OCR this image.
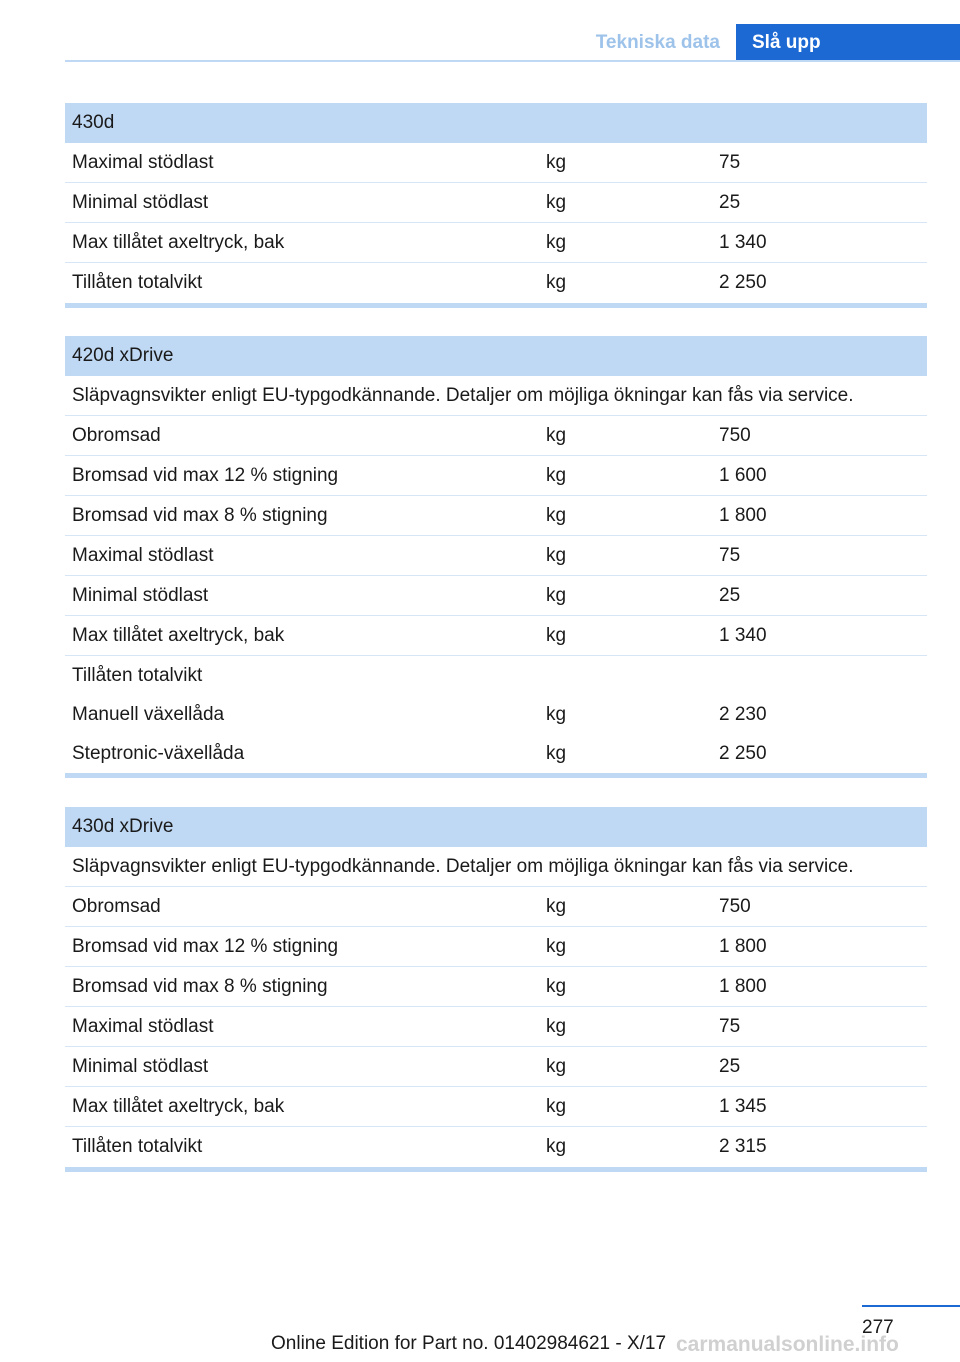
Tekniska data	Slå upp
430d
Maximal stödlast	kg	75
Minimal stödlast	kg	25
Max tillåtet axeltryck, bak	kg	1 340
Tillåten totalvikt	kg	2 250
420d xDrive
Släpvagnsvikter enligt EU-typgodkännande. Detaljer om möjliga ökningar kan fås via service.
Obromsad	kg	750
Bromsad vid max 12 % stigning	kg	1 600
Bromsad vid max 8 % stigning	kg	1 800
Maximal stödlast	kg	75
Minimal stödlast	kg	25
Max tillåtet axeltryck, bak	kg	1 340
Tillåten totalvikt
Manuell växellåda	kg	2 230
Steptronic-växellåda	kg	2 250
430d xDrive
Släpvagnsvikter enligt EU-typgodkännande. Detaljer om möjliga ökningar kan fås via service.
Obromsad	kg	750
Bromsad vid max 12 % stigning	kg	1 800
Bromsad vid max 8 % stigning	kg	1 800
Maximal stödlast	kg	75
Minimal stödlast	kg	25
Max tillåtet axeltryck, bak	kg	1 345
Tillåten totalvikt	kg	2 315
277
Online Edition for Part no. 01402984621 - X/17 carmanualsonline.info
